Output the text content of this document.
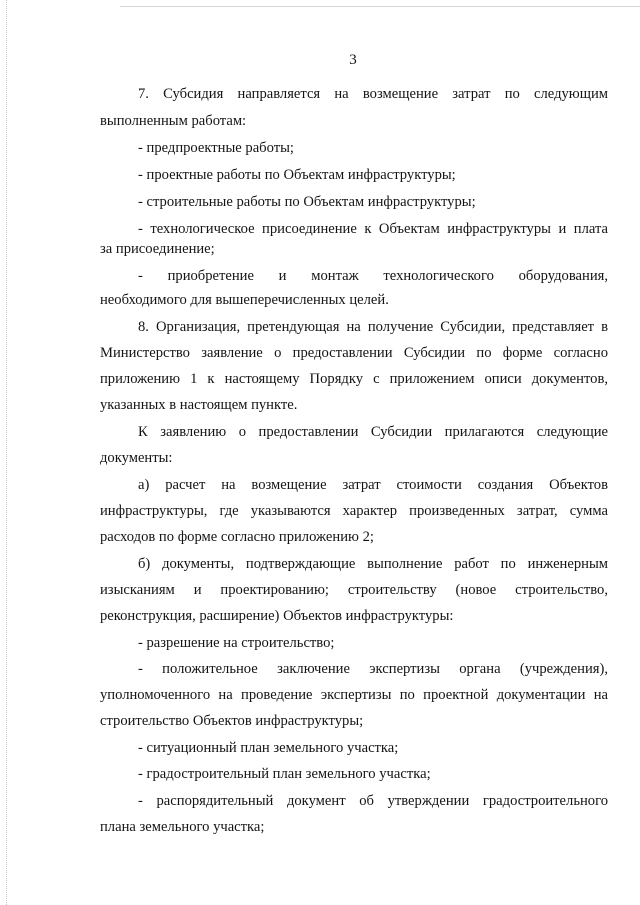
3
7. Субсидия направляется на возмещение затрат по следующим
выполненным работам:
- предпроектные работы;
- проектные работы по Объектам инфраструктуры;
- строительные работы по Объектам инфраструктуры;
- технологическое присоединение к Объектам инфраструктуры и плата
за присоединение;
- приобретение и монтаж технологического оборудования,
необходимого для вышеперечисленных целей.
8. Организация, претендующая на получение Субсидии, представляет в
Министерство заявление о предоставлении Субсидии по форме согласно
приложению 1 к настоящему Порядку с приложением описи документов,
указанных в настоящем пункте.
К заявлению о предоставлении Субсидии прилагаются следующие
документы:
а) расчет на возмещение затрат стоимости создания Объектов
инфраструктуры, где указываются характер произведенных затрат, сумма
расходов по форме согласно приложению 2;
б) документы, подтверждающие выполнение работ по инженерным
изысканиям и проектированию; строительству (новое строительство,
реконструкция, расширение) Объектов инфраструктуры:
- разрешение на строительство;
- положительное заключение экспертизы органа (учреждения),
уполномоченного на проведение экспертизы по проектной документации на
строительство Объектов инфраструктуры;
- ситуационный план земельного участка;
- градостроительный план земельного участка;
- распорядительный документ об утверждении градостроительного
плана земельного участка;
